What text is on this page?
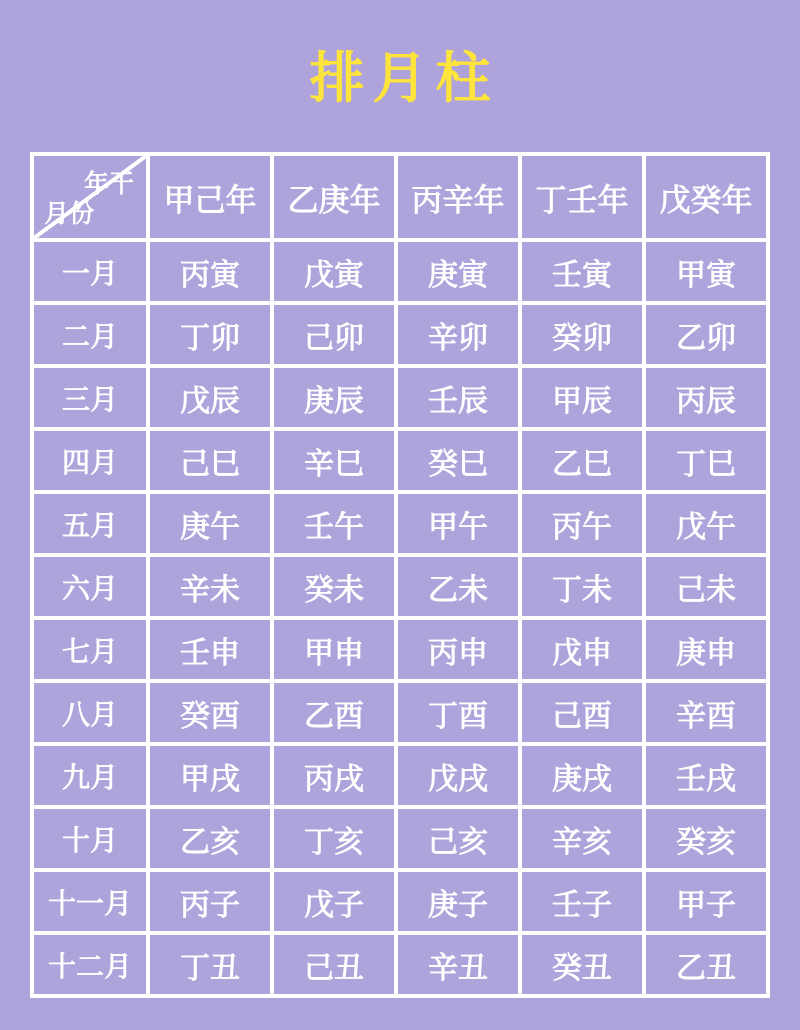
排月柱
年干
月份	甲己年	乙庚年	丙辛年	丁壬年	戊癸年
一月	丙寅	戊寅	庚寅	壬寅	甲寅
二月	丁卯	己卯	辛卯	癸卯	乙卯
三月	戊辰	庚辰	壬辰	甲辰	丙辰
四月	己巳	辛巳	癸巳	乙巳	丁巳
五月	庚午	壬午	甲午	丙午	戊午
六月	辛未	癸未	乙未	丁未	己未
七月	壬申	甲申	丙申	戊申	庚申
八月	癸酉	乙酉	丁酉	己酉	辛酉
九月	甲戌	丙戌	戊戌	庚戌	壬戌
十月	乙亥	丁亥	己亥	辛亥	癸亥
十一月	丙子	戊子	庚子	壬子	甲子
十二月	丁丑	己丑	辛丑	癸丑	乙丑
